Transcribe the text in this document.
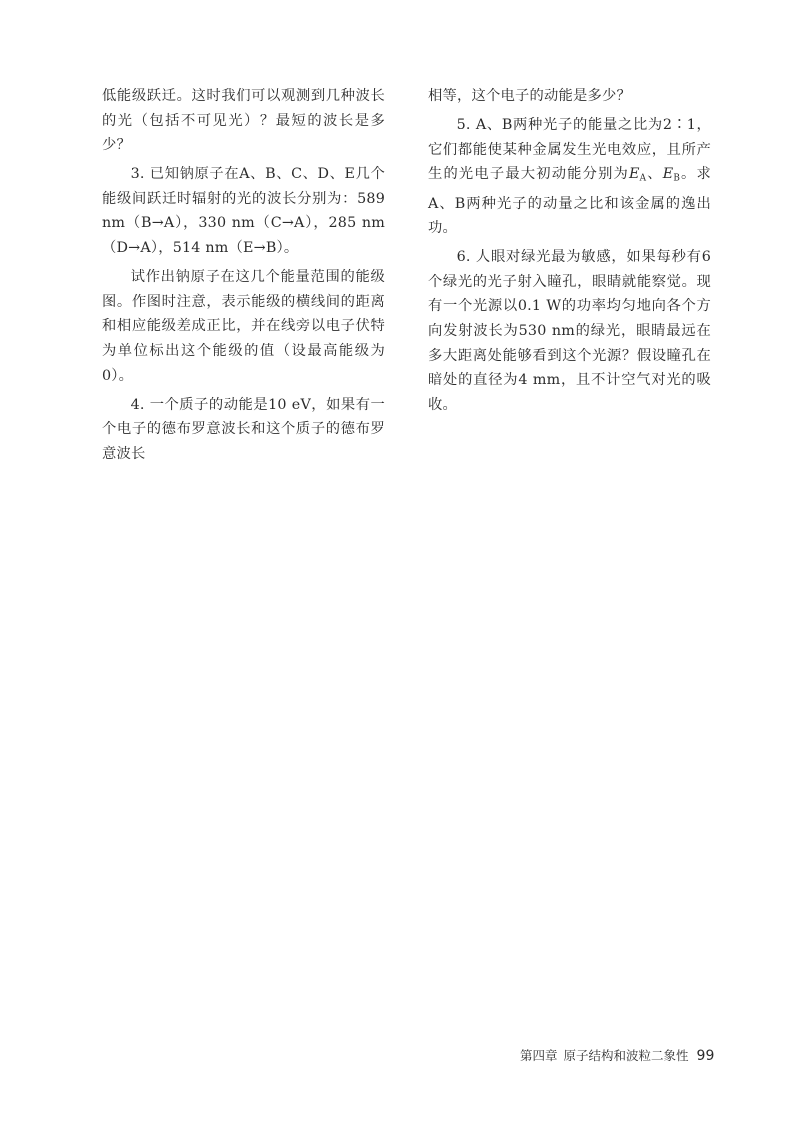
低能级跃迁。这时我们可以观测到几种波长的光（包括不可见光）？最短的波长是多少？

3. 已知钠原子在A、B、C、D、E几个能级间跃迁时辐射的光的波长分别为：589 nm（B→A），330 nm（C→A），285 nm（D→A），514 nm（E→B）。

试作出钠原子在这几个能量范围的能级图。作图时注意，表示能级的横线间的距离和相应能级差成正比，并在线旁以电子伏特为单位标出这个能级的值（设最高能级为0）。

4. 一个质子的动能是10 eV，如果有一个电子的德布罗意波长和这个质子的德布罗意波长

相等，这个电子的动能是多少？

5. A、B两种光子的能量之比为2∶1，它们都能使某种金属发生光电效应，且所产生的光电子最大初动能分别为$E_A$、$E_B$。求A、B两种光子的动量之比和该金属的逸出功。

6. 人眼对绿光最为敏感，如果每秒有6个绿光的光子射入瞳孔，眼睛就能察觉。现有一个光源以0.1 W的功率均匀地向各个方向发射波长为530 nm的绿光，眼睛最远在多大距离处能够看到这个光源？假设瞳孔在暗处的直径为4 mm，且不计空气对光的吸收。

第四章 原子结构和波粒二象性 99
